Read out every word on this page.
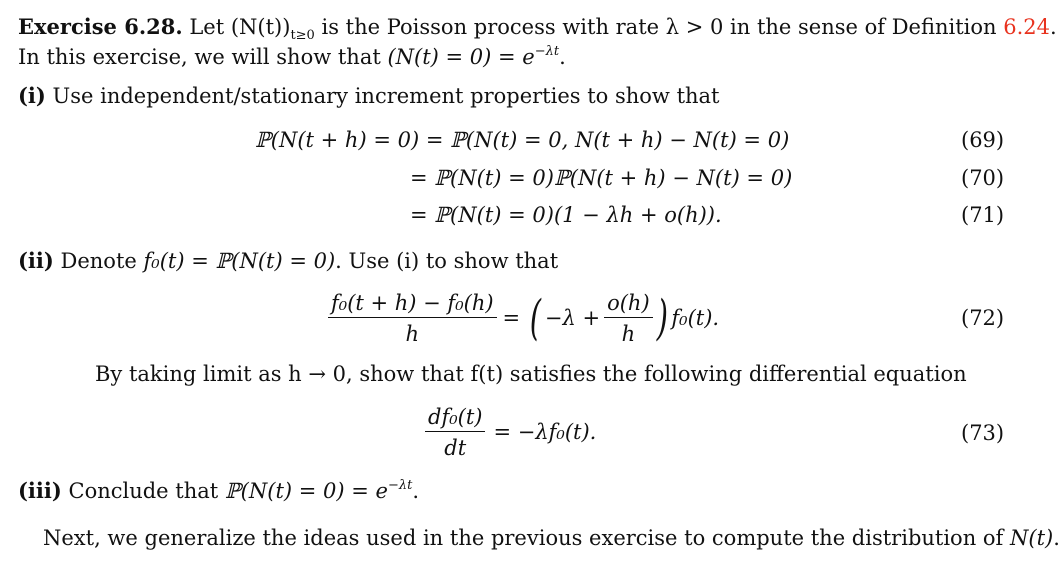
Exercise 6.28. Let $(N(t))_{t\ge 0}$ is the Poisson process with rate λ > 0 in the sense of Definition 6.24.
In this exercise, we will show that $(N(t) = 0) = e^{-\lambda t}$.
(i) Use independent/stationary increment properties to show that
ℙ(N(t + h) = 0) = ℙ(N(t) = 0, N(t + h) − N(t) = 0)	(69)
= ℙ(N(t) = 0)ℙ(N(t + h) − N(t) = 0)	(70)
= ℙ(N(t) = 0)(1 − λh + o(h)).	(71)
(ii) Denote f₀(t) = ℙ(N(t) = 0). Use (i) to show that
$\frac{\text{f₀(t + h) − f₀(h)}}{h}$ = ( $-\lambda + \frac{o(h)}{h}$ ) f₀(t).	(72)
By taking limit as h → 0, show that f(t) satisfies the following differential equation
$\frac{\text{df₀(t)}}{dt} = -\lambda f_0(t)$.	(73)
(iii) Conclude that ℙ(N(t) = $0) = e^{-\lambda t}$.
Next, we generalize the ideas used in the previous exercise to compute the distribution of N(t).
